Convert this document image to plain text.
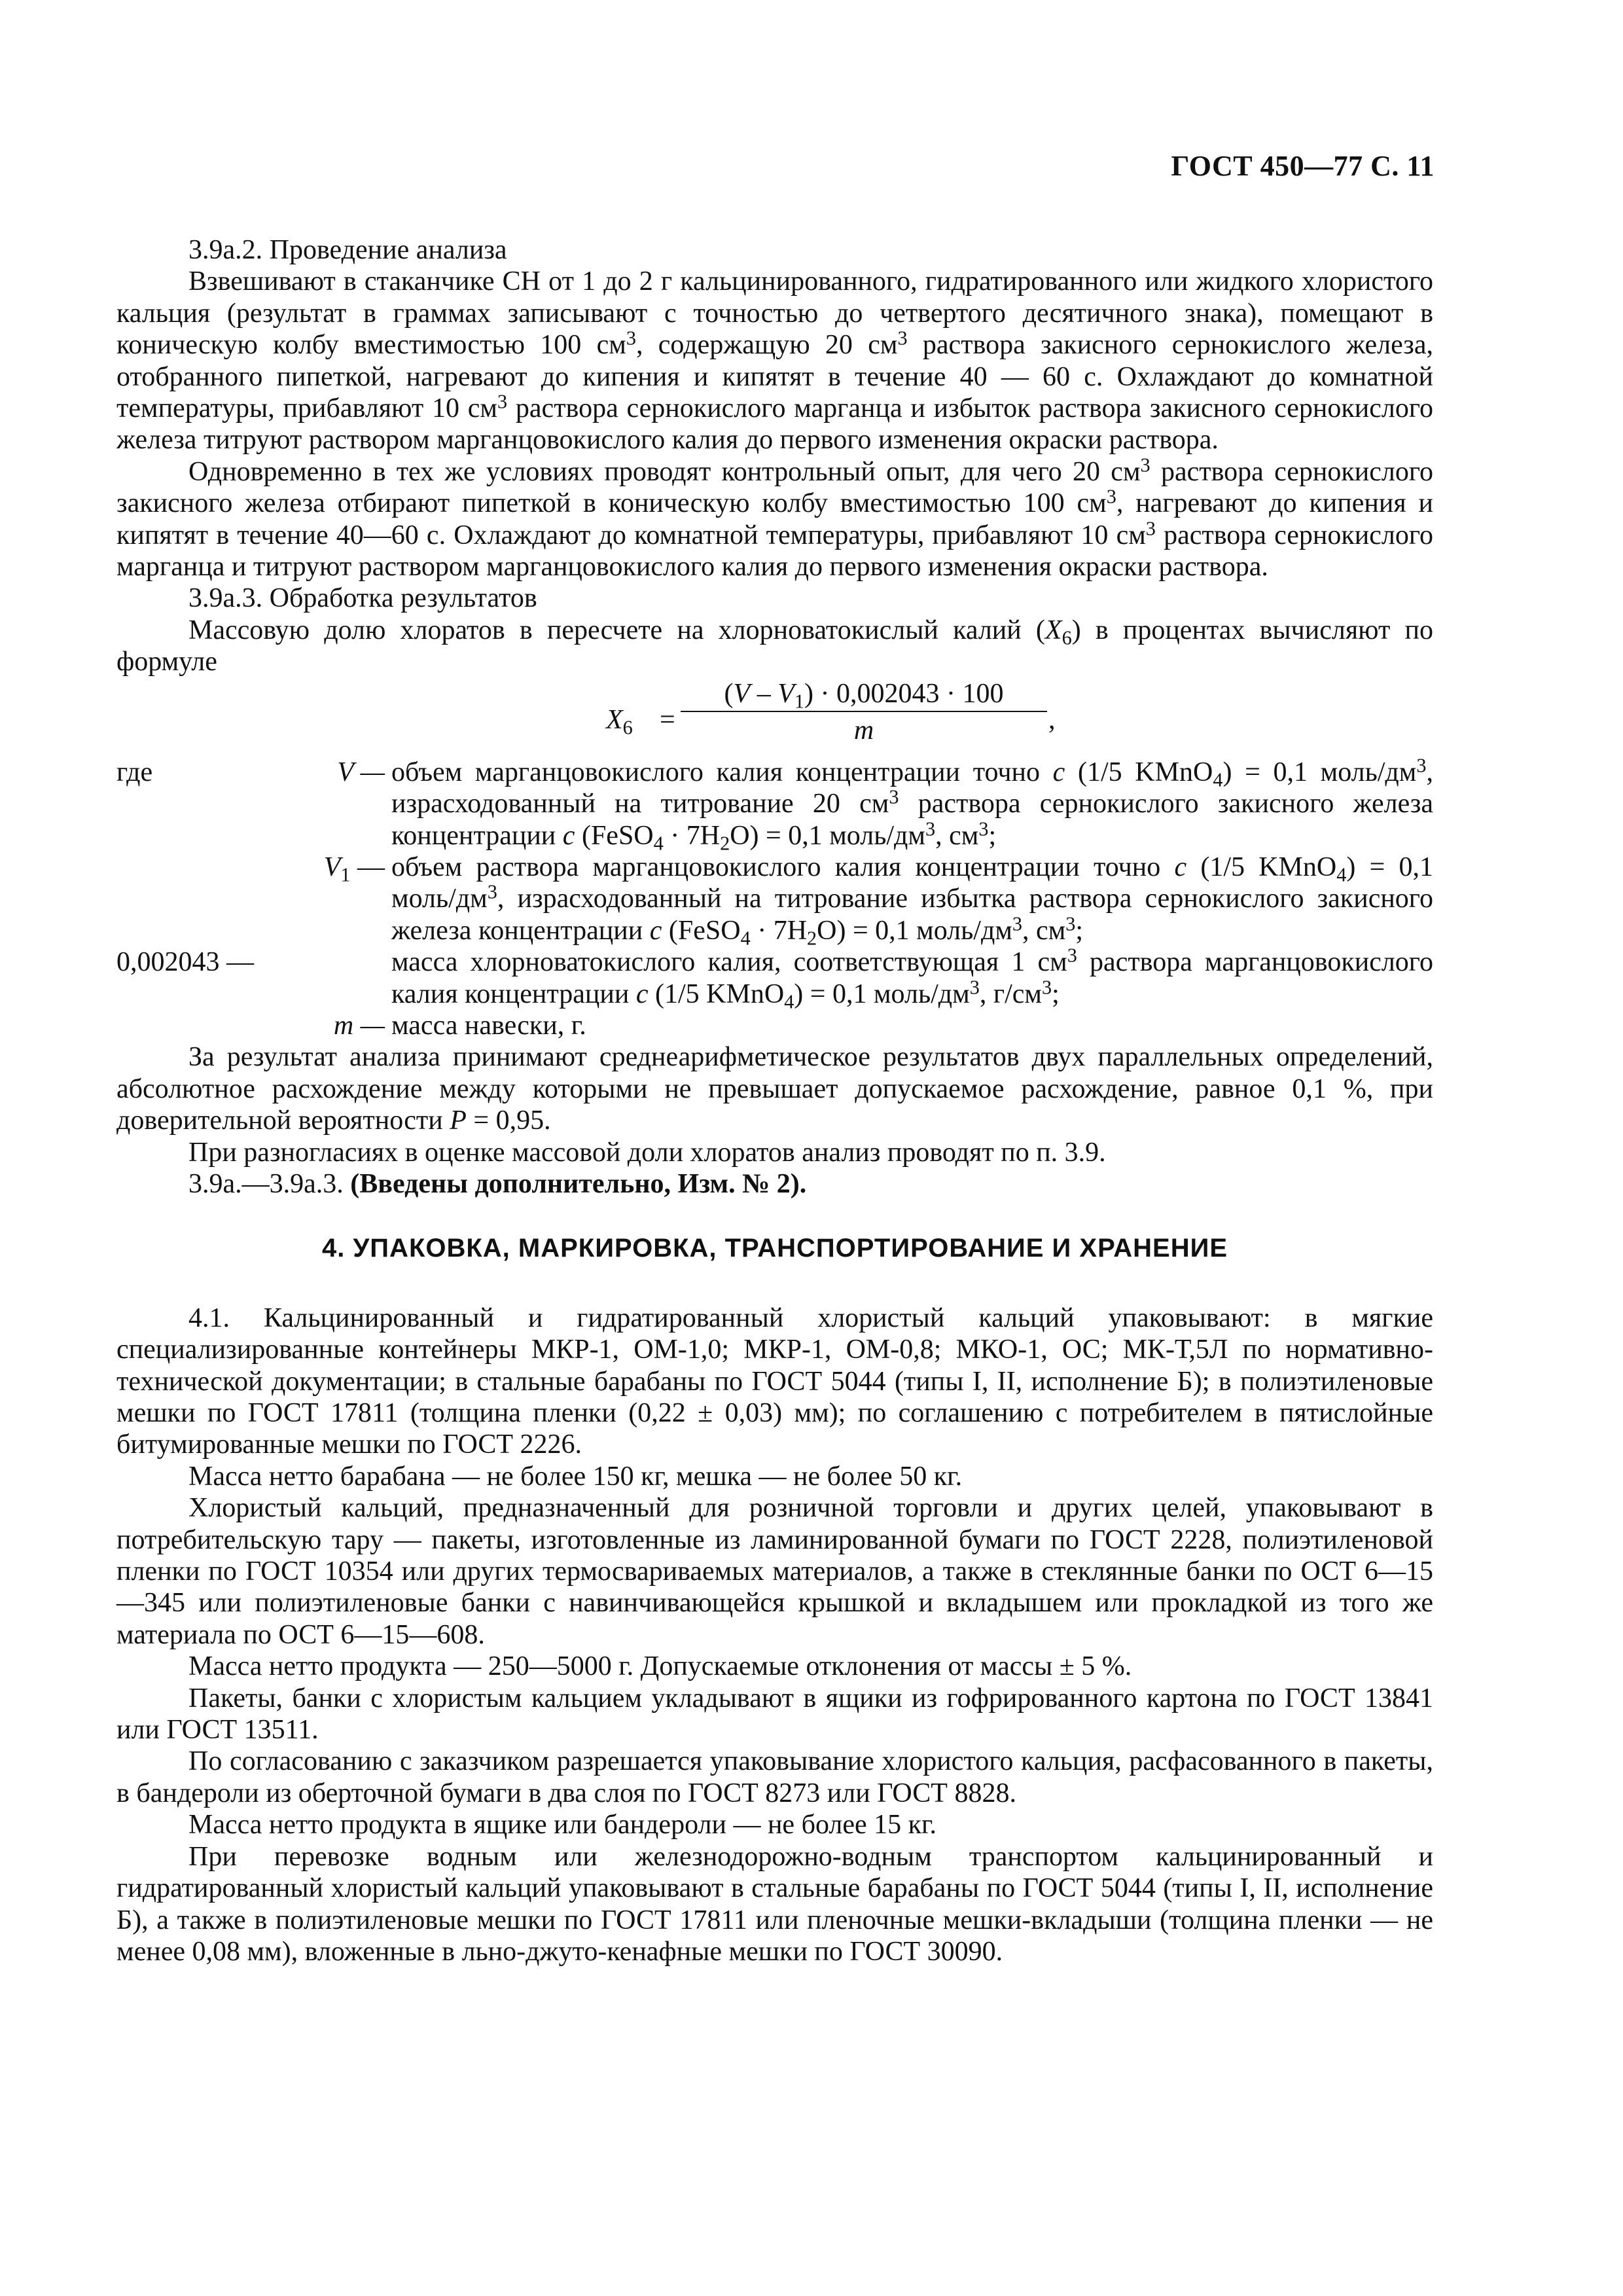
ГОСТ 450—77 С. 11

3.9а.2. Проведение анализа

Взвешивают в стаканчике СН от 1 до 2 г кальцинированного, гидратированного или жидкого хлористого кальция (результат в граммах записывают с точностью до четвертого десятичного знака), помещают в коническую колбу вместимостью 100 $см^3$, содержащую 20 $см^3$ раствора закисного сернокислого железа, отобранного пипеткой, нагревают до кипения и кипятят в течение 40 — 60 с. Охлаждают до комнатной температуры, прибавляют 10 $см^3$ раствора сернокислого марганца и избыток раствора закисного сернокислого железа титруют раствором марганцовокислого калия до первого изменения окраски раствора.

Одновременно в тех же условиях проводят контрольный опыт, для чего 20 $см^3$ раствора сернокислого закисного железа отбирают пипеткой в коническую колбу вместимостью 100 $см^3$, нагревают до кипения и кипятят в течение 40—60 с. Охлаждают до комнатной температуры, прибавляют 10 $см^3$ раствора сернокислого марганца и титруют раствором марганцовокислого калия до первого изменения окраски раствора.

3.9а.3. Обработка результатов

Массовую долю хлоратов в пересчете на хлорноватокислый калий $(X_6)$ в процентах вычисляют по формуле

$X_6$ =
$(V - V_1) \cdot 0,002043 \cdot 100$
m	,
где	V — объем марганцовокислого калия концентрации точно с (1/5 KMnO$_4$) = 0,1 моль/$дм^3$, израсходованный на титрование 20 $см^3$ раствора сернокислого закисного железа концентрации с (FeSO$_4$ · $7H_2O) = 0,1$ моль/$дм^3$, $см^3$;
$V_1$ — объем раствора марганцовокислого калия концентрации точно с (1/5 KMnO$_4$) = 0,1 моль/$дм^3$, израсходованный на титрование избытка раствора сернокислого закисного железа концентрации с (FeSO$_4$ · $7H_2O) = 0,1$ моль/$дм^3$, $см^3$;
0,002043 —	масса хлорноватокислого калия, соответствующая 1 $см^3$ раствора марганцовокислого калия концентрации с (1/5 KMnO$_4$) = 0,1 моль/$дм^3$, $г/см^3$;
m — масса навески, г.

За результат анализа принимают среднеарифметическое результатов двух параллельных определений, абсолютное расхождение между которыми не превышает допускаемое расхождение, равное 0,1 %, при доверительной вероятности Р = 0,95.

При разногласиях в оценке массовой доли хлоратов анализ проводят по п. 3.9.

3.9а.—3.9а.3. (Введены дополнительно, Изм. № 2).

4. УПАКОВКА, МАРКИРОВКА, ТРАНСПОРТИРОВАНИЕ И ХРАНЕНИЕ

4.1. Кальцинированный и гидратированный хлористый кальций упаковывают: в мягкие специализированные контейнеры МКР-1, ОМ-1,0; МКР-1, ОМ-0,8; МКО-1, ОС; МК-Т,5Л по нормативно-технической документации; в стальные барабаны по ГОСТ 5044 (типы I, II, исполнение Б); в полиэтиленовые мешки по ГОСТ 17811 (толщина пленки (0,22 ± 0,03) мм); по соглашению с потребителем в пятислойные битумированные мешки по ГОСТ 2226.

Масса нетто барабана — не более 150 кг, мешка — не более 50 кг.

Хлористый кальций, предназначенный для розничной торговли и других целей, упаковывают в потребительскую тару — пакеты, изготовленные из ламинированной бумаги по ГОСТ 2228, полиэтиленовой пленки по ГОСТ 10354 или других термосвариваемых материалов, а также в стеклянные банки по ОСТ 6—15—345 или полиэтиленовые банки с навинчивающейся крышкой и вкладышем или прокладкой из того же материала по ОСТ 6—15—608.

Масса нетто продукта — 250—5000 г. Допускаемые отклонения от массы ± 5 %.

Пакеты, банки с хлористым кальцием укладывают в ящики из гофрированного картона по ГОСТ 13841 или ГОСТ 13511.

По согласованию с заказчиком разрешается упаковывание хлористого кальция, расфасованного в пакеты, в бандероли из оберточной бумаги в два слоя по ГОСТ 8273 или ГОСТ 8828.

Масса нетто продукта в ящике или бандероли — не более 15 кг.

При перевозке водным или железнодорожно-водным транспортом кальцинированный и гидратированный хлористый кальций упаковывают в стальные барабаны по ГОСТ 5044 (типы I, II, исполнение Б), а также в полиэтиленовые мешки по ГОСТ 17811 или пленочные мешки-вкладыши (толщина пленки — не менее 0,08 мм), вложенные в льно-джуто-кенафные мешки по ГОСТ 30090.
